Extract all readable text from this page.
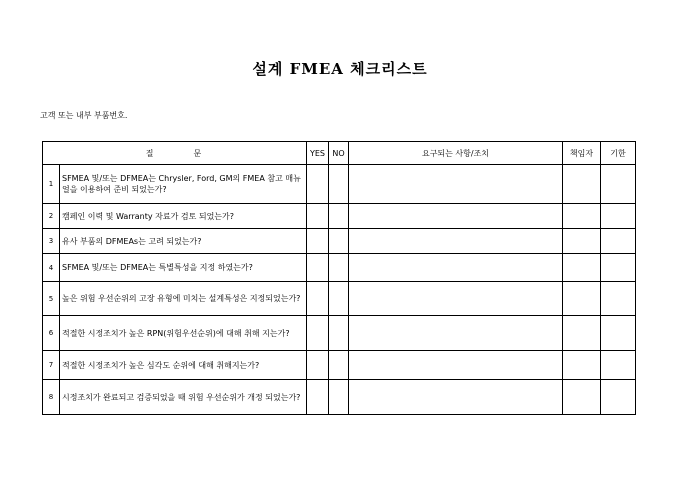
설계 FMEA 체크리스트
고객 또는 내부 부품번호.
질문		YES	NO	요구되는 사항/조치	책임자	기한
1	SFMEA 및/또는 DFMEA는 Chrysler, Ford, GM의 FMEA 참고 매뉴얼을 이용하여 준비 되었는가?					
2	캠페인 이력 및 Warranty 자료가 검토 되었는가?					
3	유사 부품의 DFMEAs는 고려 되었는가?					
4	SFMEA 및/또는 DFMEA는 특별특성을 지정 하였는가?					
5	높은 위험 우선순위의 고장 유형에 미치는 설계특성은 지정되었는가?					
6	적절한 시정조치가 높은 RPN(위험우선순위)에 대해 취해 지는가?					
7	적절한 시정조치가 높은 심각도 순위에 대해 취해지는가?					
8	시정조치가 완료되고 검증되었을 때 위험 우선순위가 개정 되었는가?					
